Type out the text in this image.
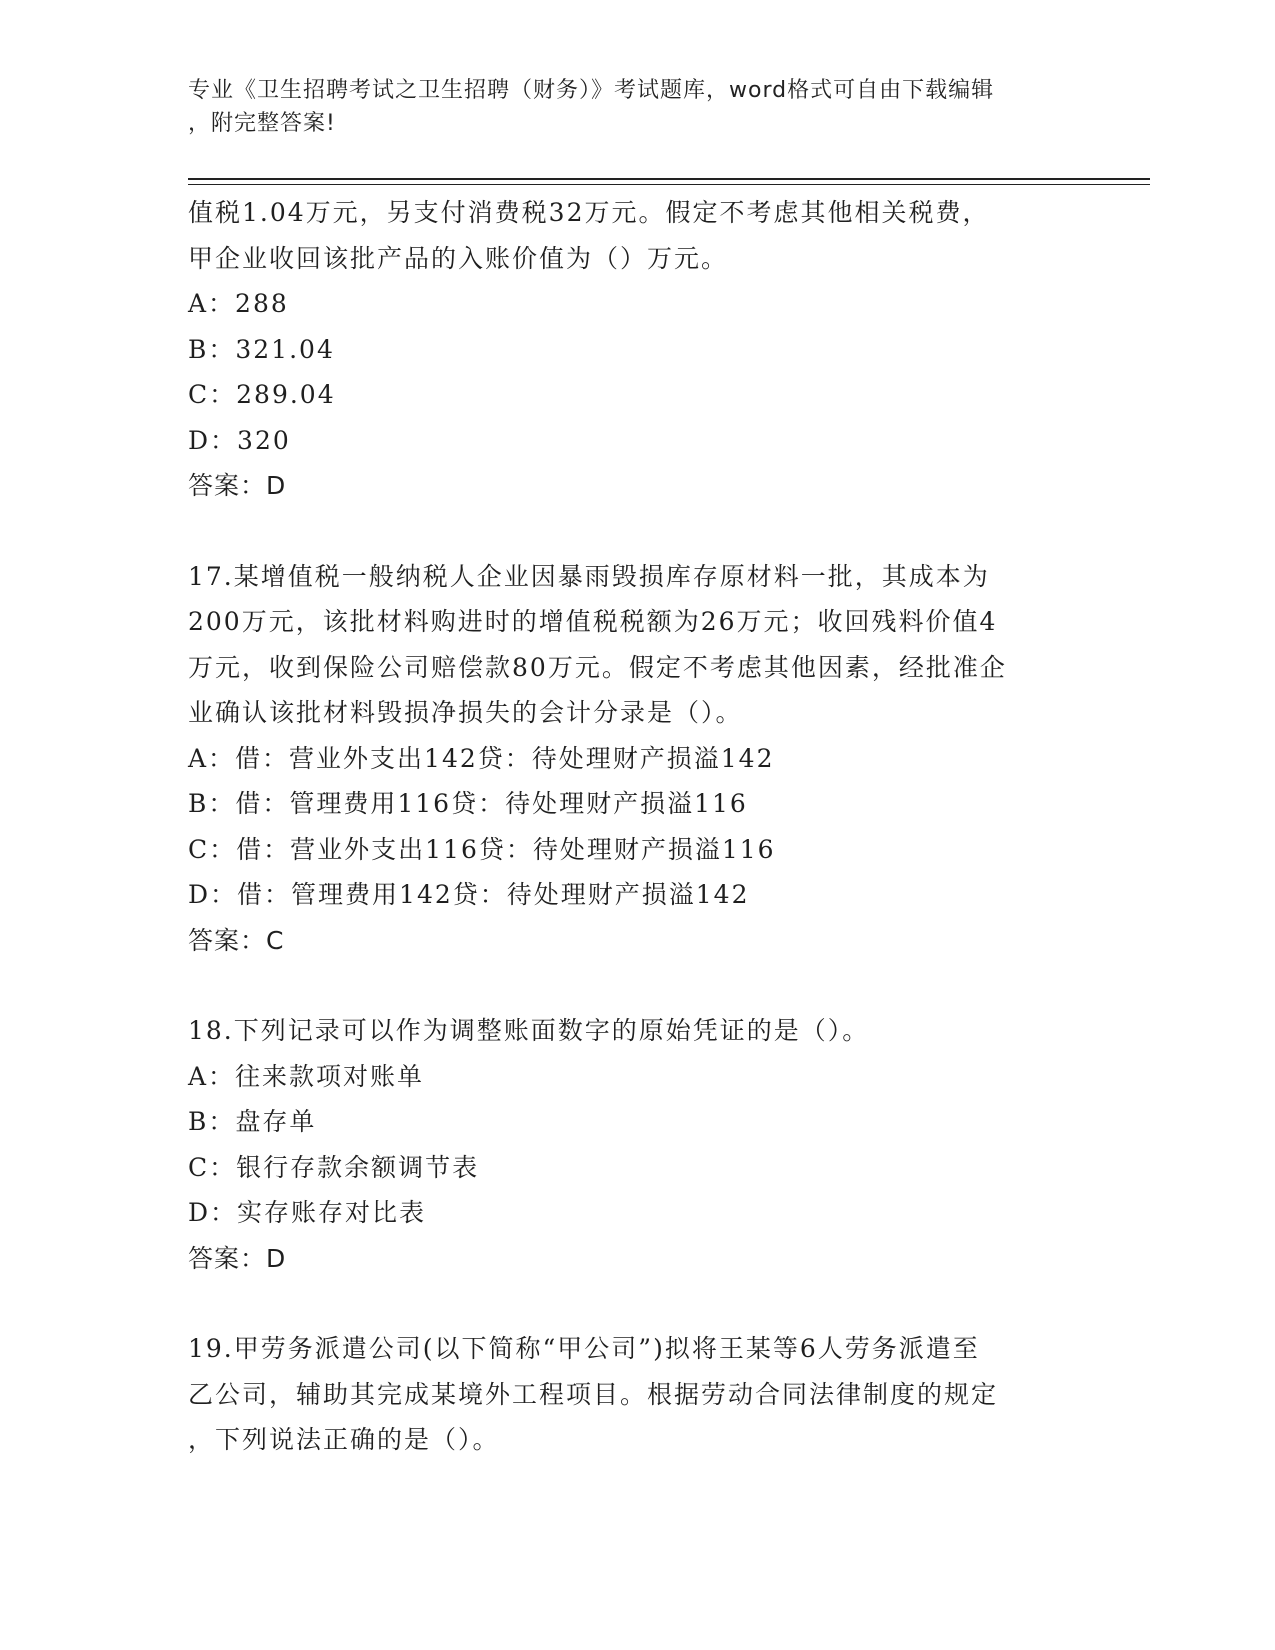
专业《卫生招聘考试之卫生招聘（财务）》考试题库，word格式可自由下载编辑
，附完整答案!
值税1.04万元，另支付消费税32万元。假定不考虑其他相关税费，
甲企业收回该批产品的入账价值为（）万元。
A：288
B：321.04
C：289.04
D：320
答案：D
17.某增值税一般纳税人企业因暴雨毁损库存原材料一批，其成本为
200万元，该批材料购进时的增值税税额为26万元；收回残料价值4
万元，收到保险公司赔偿款80万元。假定不考虑其他因素，经批准企
业确认该批材料毁损净损失的会计分录是（）。
A：借：营业外支出142贷：待处理财产损溢142
B：借：管理费用116贷：待处理财产损溢116
C：借：营业外支出116贷：待处理财产损溢116
D：借：管理费用142贷：待处理财产损溢142
答案：C
18.下列记录可以作为调整账面数字的原始凭证的是（）。
A：往来款项对账单
B：盘存单
C：银行存款余额调节表
D：实存账存对比表
答案：D
19.甲劳务派遣公司(以下简称“甲公司”)拟将王某等6人劳务派遣至
乙公司，辅助其完成某境外工程项目。根据劳动合同法律制度的规定
，下列说法正确的是（）。
